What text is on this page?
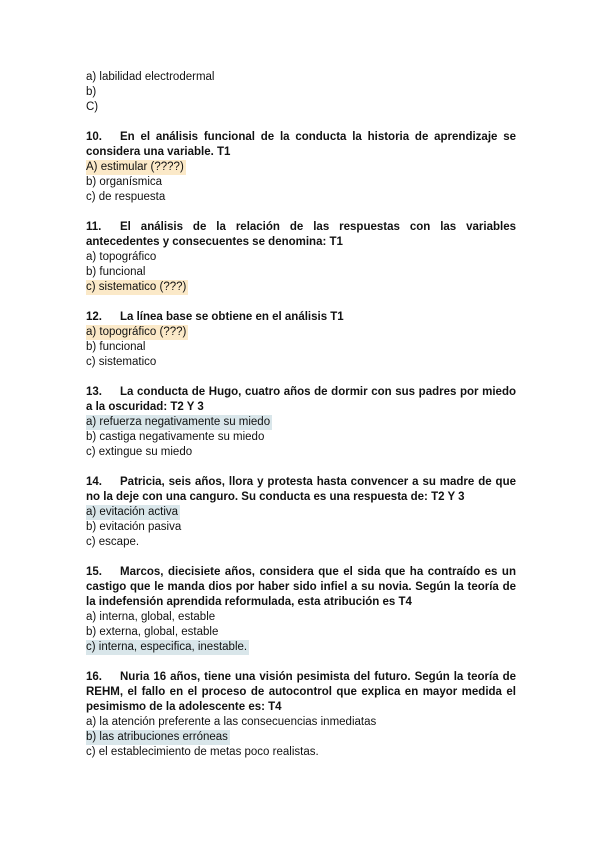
a) labilidad electrodermal
b)
C)
10. En el análisis funcional de la conducta la historia de aprendizaje se considera una variable. T1
A) estimular (????)
b) organísmica
c) de respuesta
11. El análisis de la relación de las respuestas con las variables antecedentes y consecuentes se denomina: T1
a) topográfico
b) funcional
c) sistematico (???)
12. La línea base se obtiene en el análisis T1
a) topográfico (???)
b) funcional
c) sistematico
13. La conducta de Hugo, cuatro años de dormir con sus padres por miedo a la oscuridad: T2 Y 3
a) refuerza negativamente su miedo
b) castiga negativamente su miedo
c) extingue su miedo
14. Patricia, seis años, llora y protesta hasta convencer a su madre de que no la deje con una canguro. Su conducta es una respuesta de: T2 Y 3
a) evitación activa
b) evitación pasiva
c) escape.
15. Marcos, diecisiete años, considera que el sida que ha contraído es un castigo que le manda dios por haber sido infiel a su novia. Según la teoría de la indefensión aprendida reformulada, esta atribución es T4
a) interna, global, estable
b) externa, global, estable
c) interna, especifica, inestable.
16. Nuria 16 años, tiene una visión pesimista del futuro. Según la teoría de REHM, el fallo en el proceso de autocontrol que explica en mayor medida el pesimismo de la adolescente es: T4
a) la atención preferente a las consecuencias inmediatas
b) las atribuciones erróneas
c) el establecimiento de metas poco realistas.
